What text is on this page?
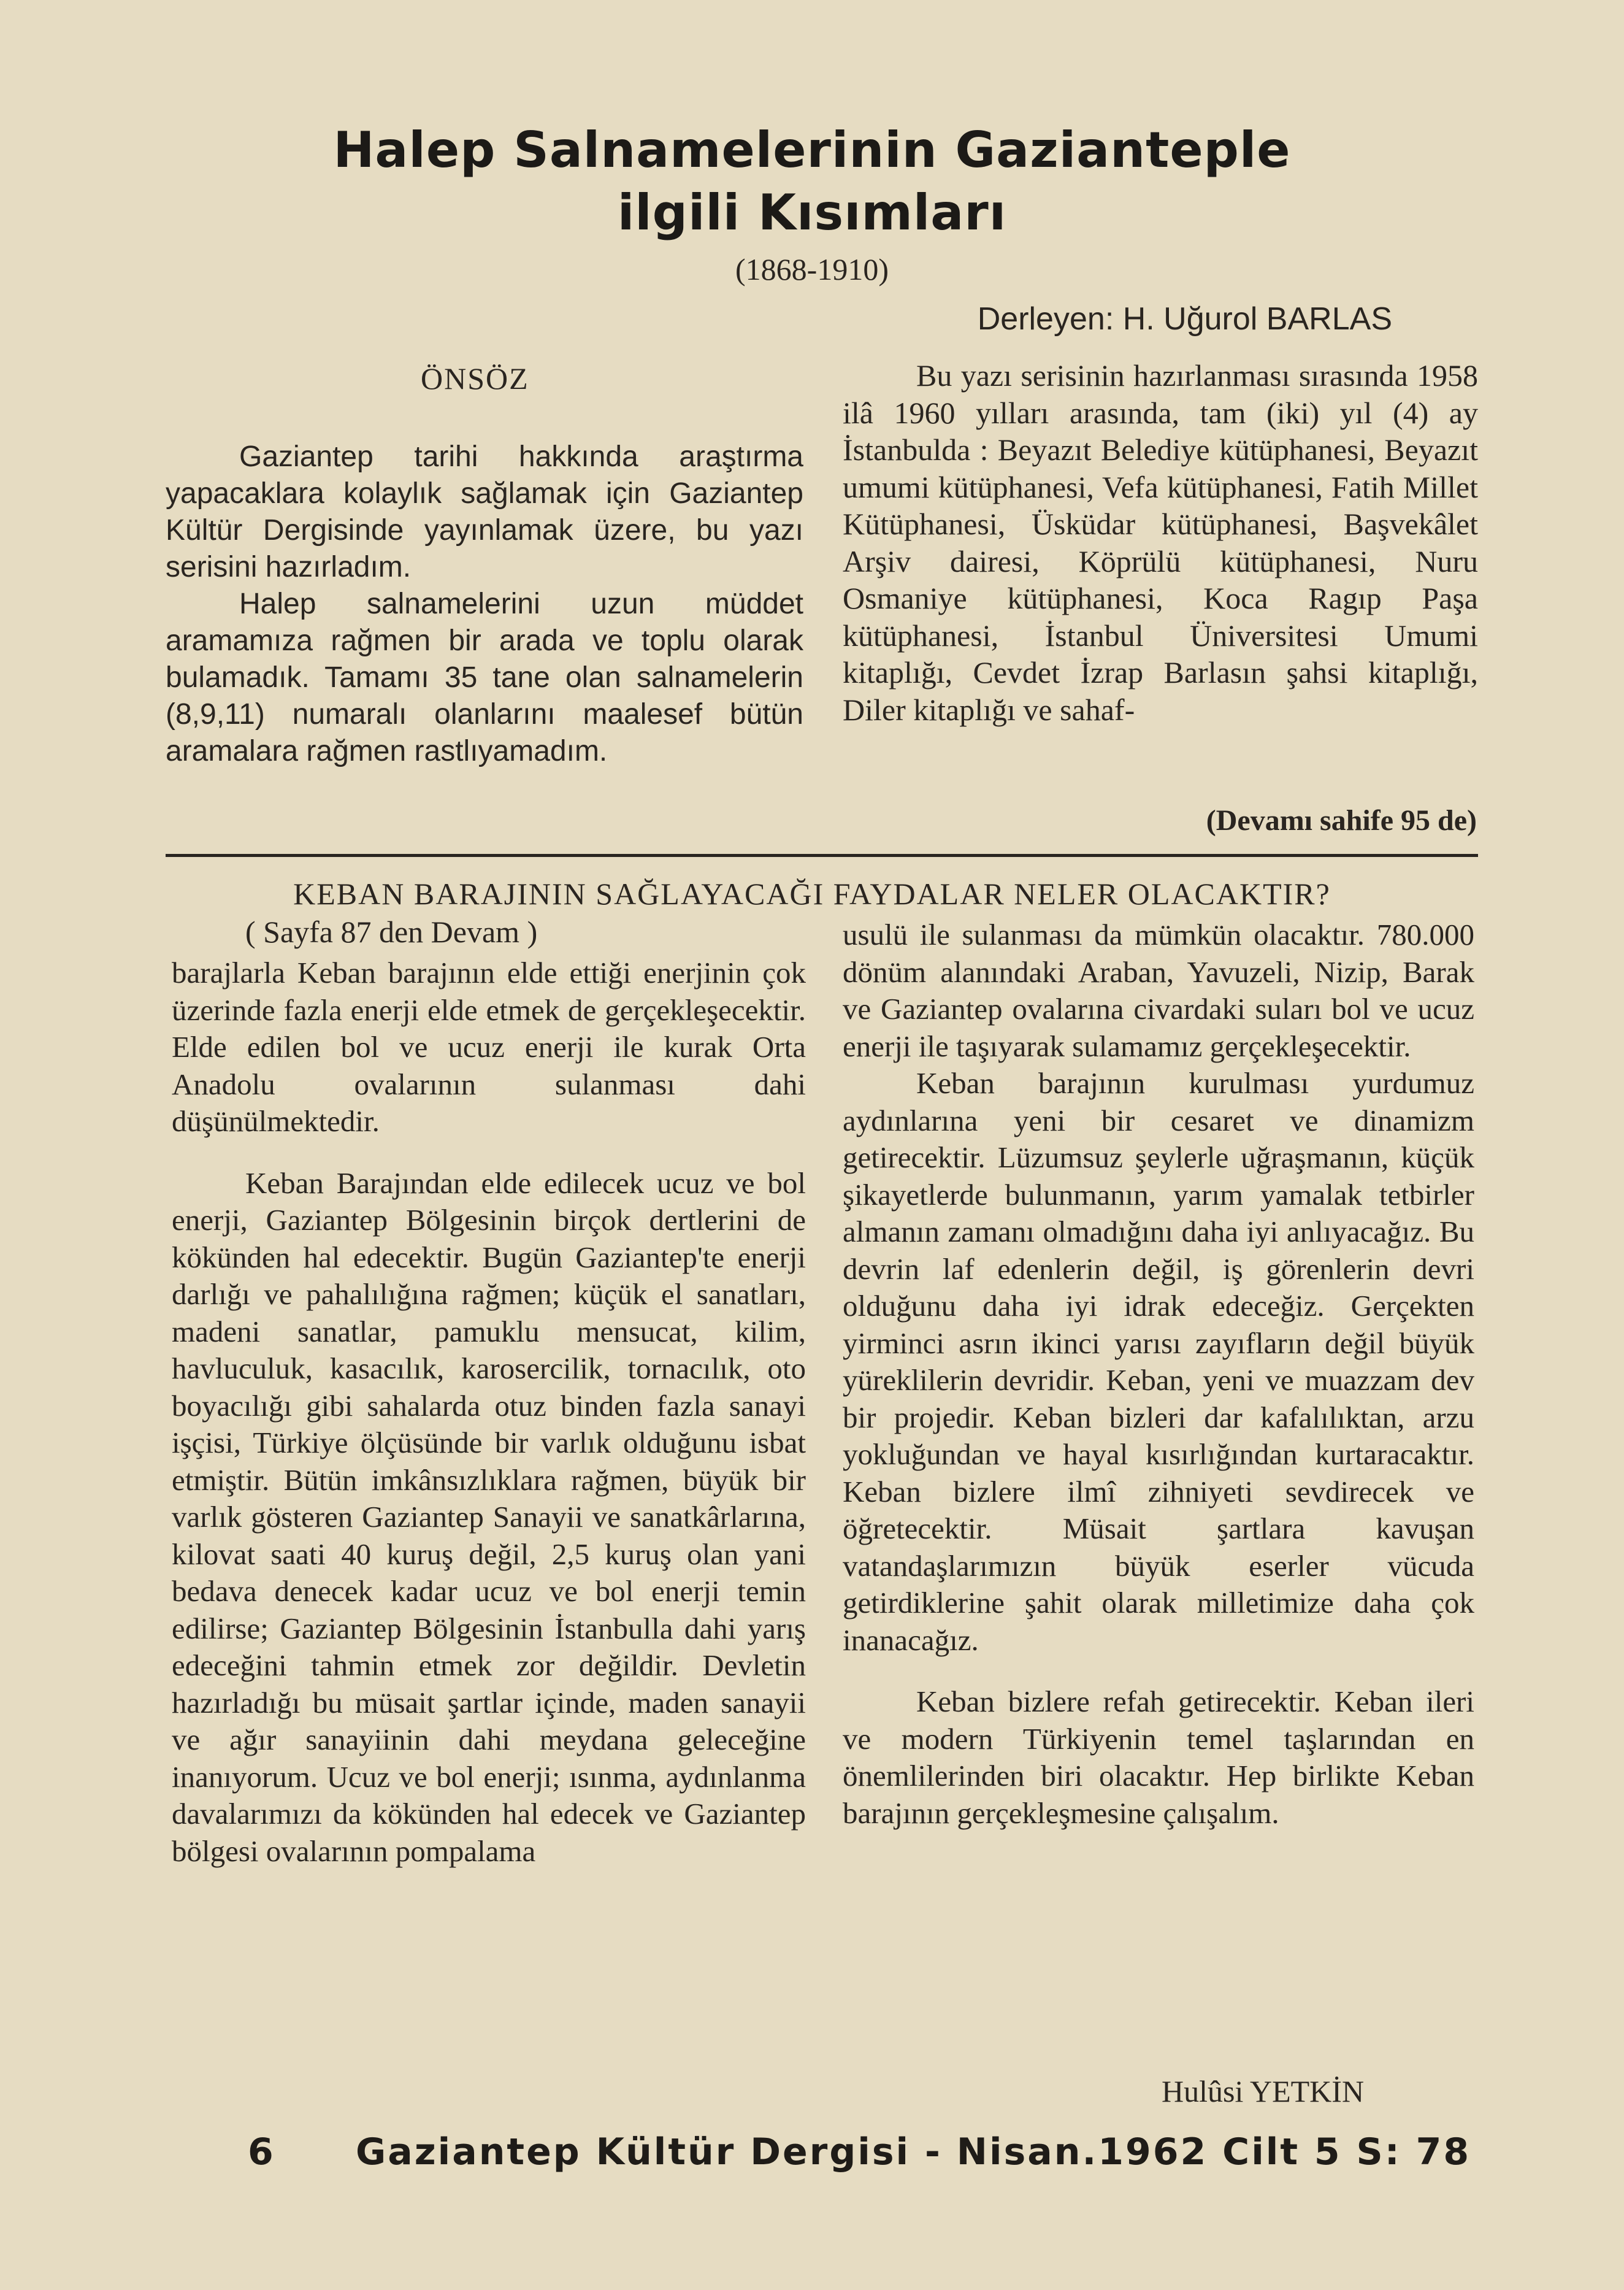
Halep Salnamelerinin Gazianteple
ilgili Kısımları
(1868-1910)
Derleyen: H. Uğurol BARLAS
ÖNSÖZ

Gaziantep tarihi hakkında araştırma yapacaklara kolaylık sağlamak için Gaziantep Kültür Dergisinde yayınlamak üzere, bu yazı serisini hazırladım.

Halep salnamelerini uzun müddet aramamıza rağmen bir arada ve toplu olarak bulamadık. Tamamı 35 tane olan salnamelerin (8,9,11) numaralı olanlarını maalesef bütün aramalara rağmen rastlıyamadım.

Bu yazı serisinin hazırlanması sırasında 1958 ilâ 1960 yılları arasında, tam (iki) yıl (4) ay İstanbulda : Beyazıt Belediye kütüphanesi, Beyazıt umumi kütüphanesi, Vefa kütüphanesi, Fatih Millet Kütüphanesi, Üsküdar kütüphanesi, Başvekâlet Arşiv dairesi, Köprülü kütüphanesi, Nuru Osmaniye kütüphanesi, Koca Ragıp Paşa kütüphanesi, İstanbul Üniversitesi Umumi kitaplığı, Cevdet İzrap Barlasın şahsi kitaplığı, Diler kitaplığı ve sahaf-

(Devamı sahife 95 de)
KEBAN BARAJININ SAĞLAYACAĞI FAYDALAR NELER OLACAKTIR?
( Sayfa 87 den Devam )

barajlarla Keban barajının elde ettiği enerjinin çok üzerinde fazla enerji elde etmek de gerçekleşecektir. Elde edilen bol ve ucuz enerji ile kurak Orta Anadolu ovalarının sulanması dahi düşünülmektedir.

Keban Barajından elde edilecek ucuz ve bol enerji, Gaziantep Bölgesinin birçok dertlerini de kökünden hal edecektir. Bugün Gaziantep'te enerji darlığı ve pahalılığına rağmen; küçük el sanatları, madeni sanatlar, pamuklu mensucat, kilim, havluculuk, kasacılık, karosercilik, tornacılık, oto boyacılığı gibi sahalarda otuz binden fazla sanayi işçisi, Türkiye ölçüsünde bir varlık olduğunu isbat etmiştir. Bütün imkânsızlıklara rağmen, büyük bir varlık gösteren Gaziantep Sanayii ve sanatkârlarına, kilovat saati 40 kuruş değil, 2,5 kuruş olan yani bedava denecek kadar ucuz ve bol enerji temin edilirse; Gaziantep Bölgesinin İstanbulla dahi yarış edeceğini tahmin etmek zor değildir. Devletin hazırladığı bu müsait şartlar içinde, maden sanayii ve ağır sanayiinin dahi meydana geleceğine inanıyorum. Ucuz ve bol enerji; ısınma, aydınlanma davalarımızı da kökünden hal edecek ve Gaziantep bölgesi ovalarının pompalama

usulü ile sulanması da mümkün olacaktır. 780.000 dönüm alanındaki Araban, Yavuzeli, Nizip, Barak ve Gaziantep ovalarına civardaki suları bol ve ucuz enerji ile taşıyarak sulamamız gerçekleşecektir.

Keban barajının kurulması yurdumuz aydınlarına yeni bir cesaret ve dinamizm getirecektir. Lüzumsuz şeylerle uğraşmanın, küçük şikayetlerde bulunmanın, yarım yamalak tetbirler almanın zamanı olmadığını daha iyi anlıyacağız. Bu devrin laf edenlerin değil, iş görenlerin devri olduğunu daha iyi idrak edeceğiz. Gerçekten yirminci asrın ikinci yarısı zayıfların değil büyük yüreklilerin devridir. Keban, yeni ve muazzam dev bir projedir. Keban bizleri dar kafalılıktan, arzu yokluğundan ve hayal kısırlığından kurtaracaktır. Keban bizlere ilmî zihniyeti sevdirecek ve öğretecektir. Müsait şartlara kavuşan vatandaşlarımızın büyük eserler vücuda getirdiklerine şahit olarak milletimize daha çok inanacağız.

Keban bizlere refah getirecektir. Keban ileri ve modern Türkiyenin temel taşlarından en önemlilerinden biri olacaktır. Hep birlikte Keban barajının gerçekleşmesine çalışalım.

Hulûsi YETKİN
6 Gaziantep Kültür Dergisi - Nisan.1962 Cilt 5 S: 78
